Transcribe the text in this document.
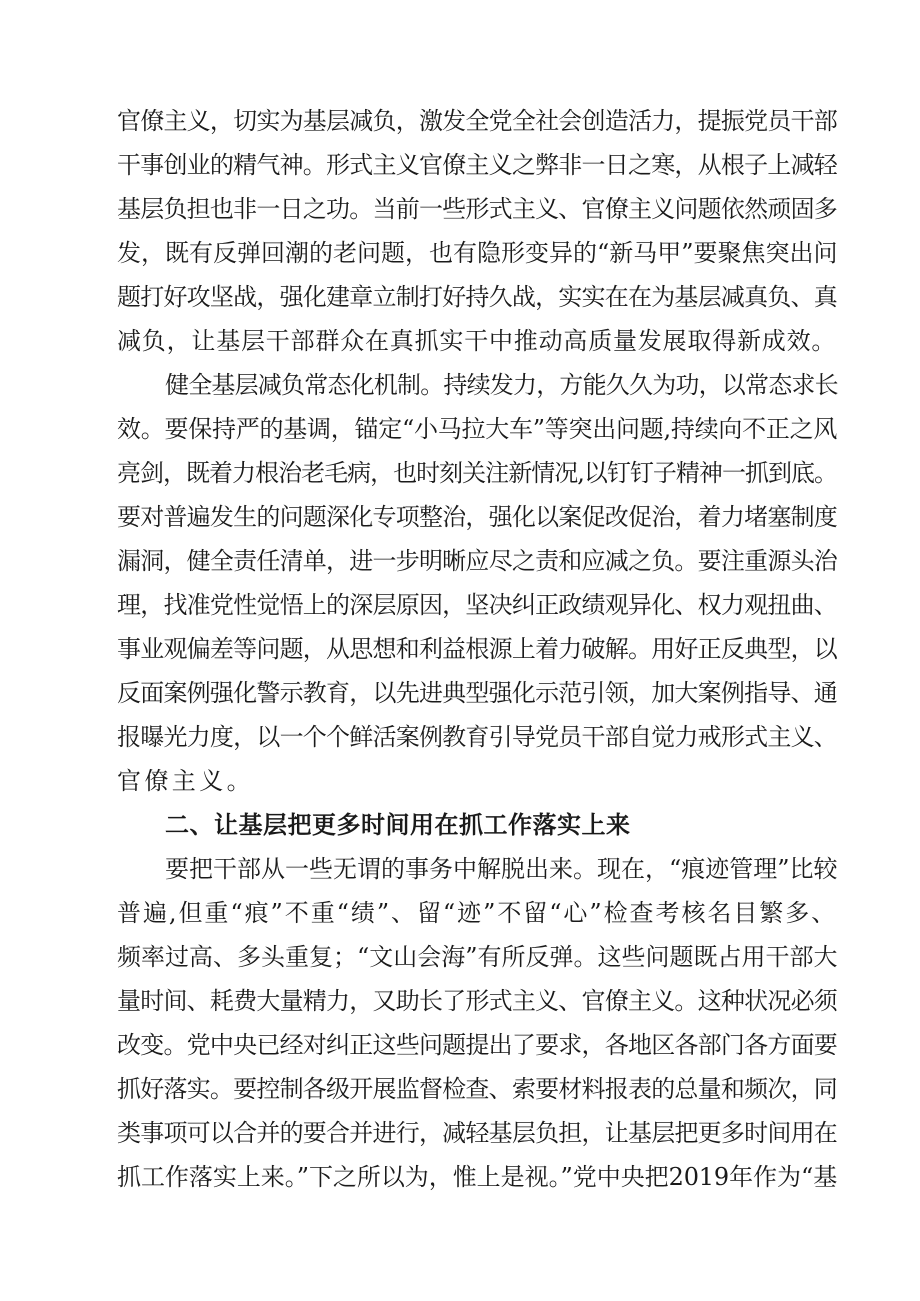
官僚主义，切实为基层减负，激发全党全社会创造活力，提振党员干部
干事创业的精气神。形式主义官僚主义之弊非一日之寒，从根子上减轻
基层负担也非一日之功。当前一些形式主义、官僚主义问题依然顽固多
发，既有反弹回潮的老问题，也有隐形变异的“新马甲”要聚焦突出问
题打好攻坚战，强化建章立制打好持久战，实实在在为基层减真负、真
减负，让基层干部群众在真抓实干中推动高质量发展取得新成效。

健全基层减负常态化机制。持续发力，方能久久为功，以常态求长
效。要保持严的基调，锚定“小马拉大车”等突出问题,持续向不正之风
亮剑，既着力根治老毛病，也时刻关注新情况,以钉钉子精神一抓到底。
要对普遍发生的问题深化专项整治，强化以案促改促治，着力堵塞制度
漏洞，健全责任清单，进一步明晰应尽之责和应减之负。要注重源头治
理，找准党性觉悟上的深层原因，坚决纠正政绩观异化、权力观扭曲、
事业观偏差等问题，从思想和利益根源上着力破解。用好正反典型，以
反面案例强化警示教育，以先进典型强化示范引领，加大案例指导、通
报曝光力度，以一个个鲜活案例教育引导党员干部自觉力戒形式主义、
官僚主义。

二、让基层把更多时间用在抓工作落实上来

要把干部从一些无谓的事务中解脱出来。现在，“痕迹管理”比较
普遍,但重“痕”不重“绩”、留“迹”不留“心”检查考核名目繁多、
频率过高、多头重复；“文山会海”有所反弹。这些问题既占用干部大
量时间、耗费大量精力，又助长了形式主义、官僚主义。这种状况必须
改变。党中央已经对纠正这些问题提出了要求，各地区各部门各方面要
抓好落实。要控制各级开展监督检查、索要材料报表的总量和频次，同
类事项可以合并的要合并进行，减轻基层负担，让基层把更多时间用在
抓工作落实上来。”下之所以为，惟上是视。”党中央把2019年作为“基
